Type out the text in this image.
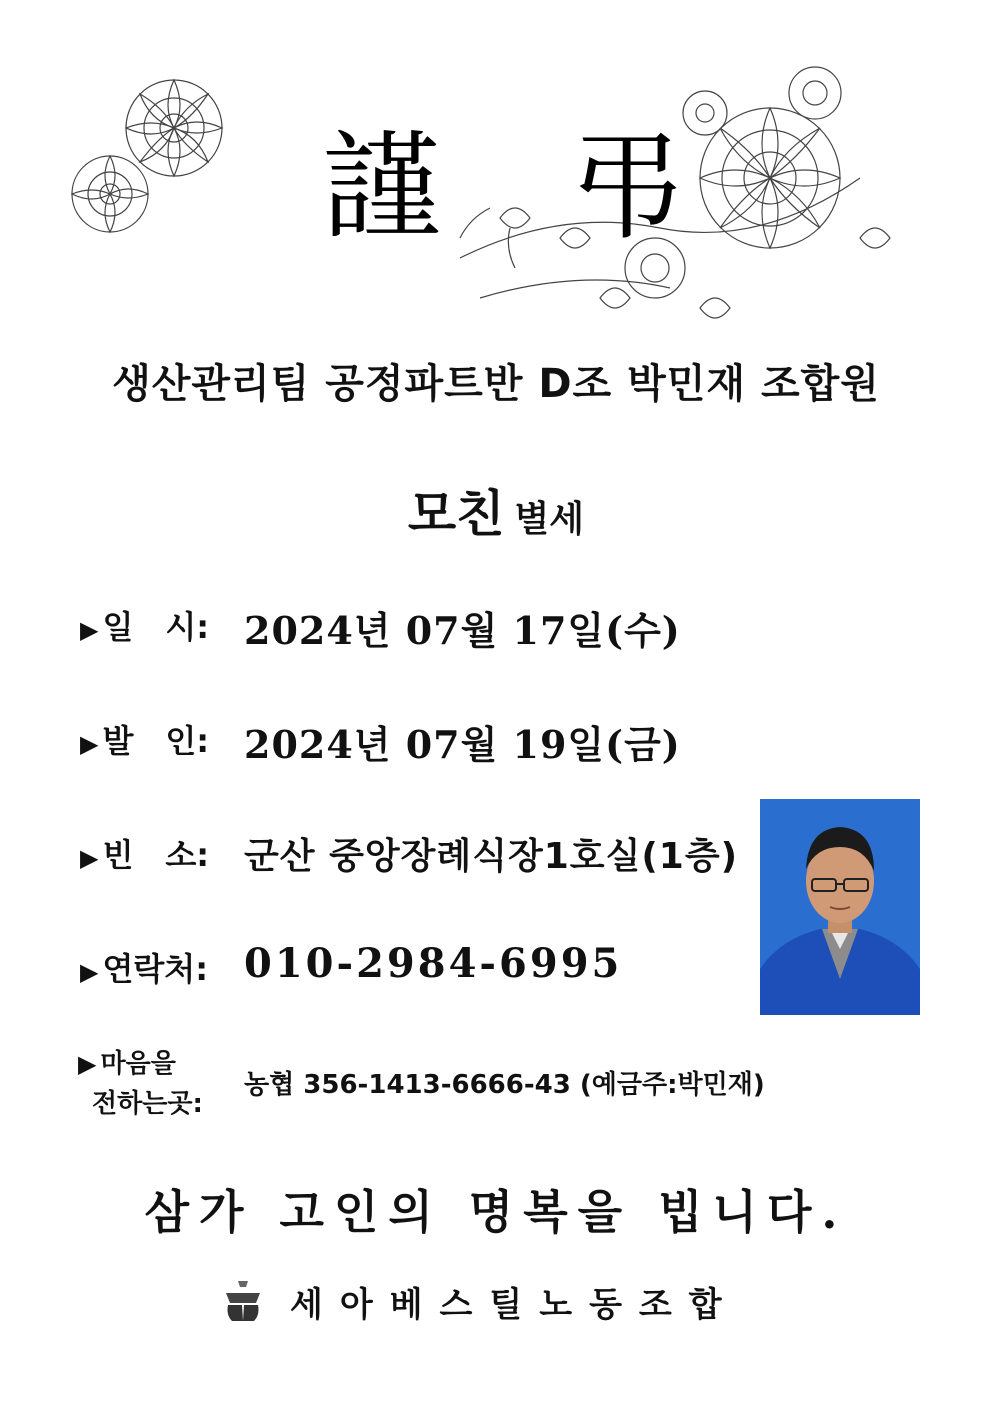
謹 弔
생산관리팀 공정파트반 D조 박민재 조합원
모친 별세
▶ 일　시: 2024년 07월 17일(수)
▶ 발　인: 2024년 07월 19일(금)
▶ 빈　소: 군산 중앙장례식장1호실(1층)
▶ 연락처: 010-2984-6995
▶ 마음을
전하는곳:
농협 356-1413-6666-43 (예금주:박민재)
삼가 고인의 명복을 빕니다.
세아베스틸노동조합
